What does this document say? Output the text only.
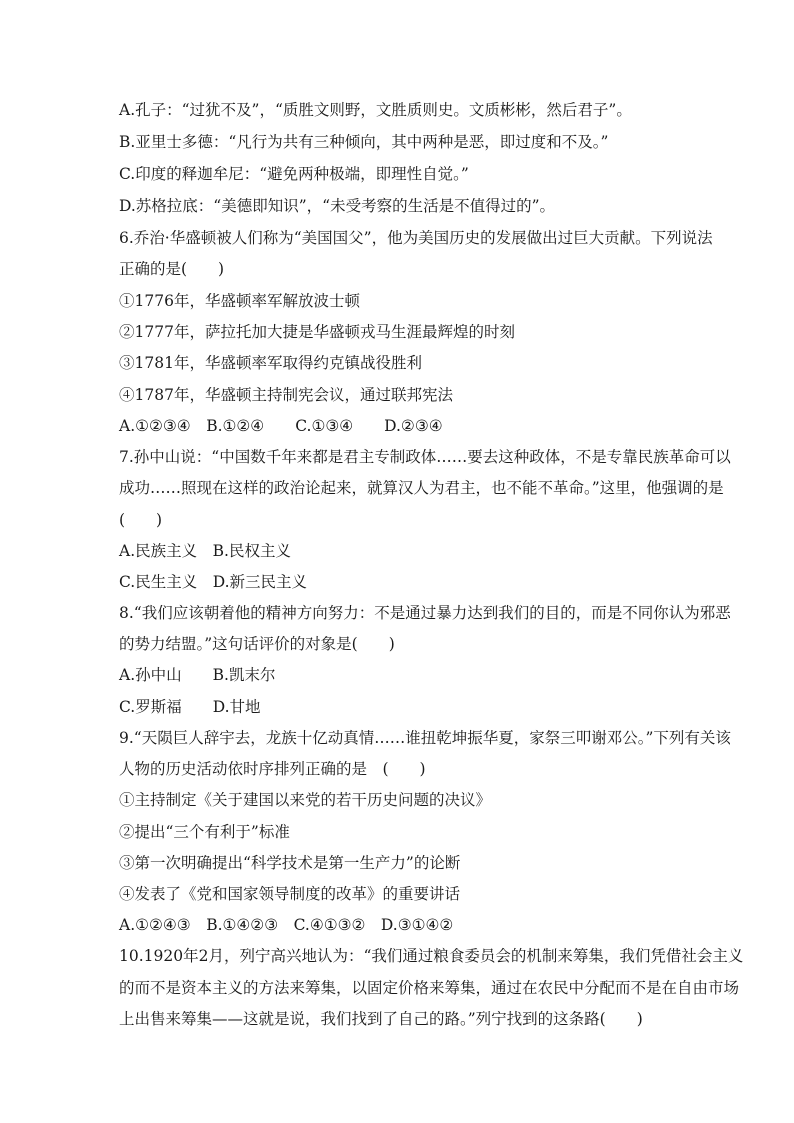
A.孔子：“过犹不及”，“质胜文则野，文胜质则史。文质彬彬，然后君子”。
B.亚里士多德：“凡行为共有三种倾向，其中两种是恶，即过度和不及。”
C.印度的释迦牟尼：“避免两种极端，即理性自觉。”
D.苏格拉底：“美德即知识”，“未受考察的生活是不值得过的”。
6.乔治·华盛顿被人们称为“美国国父”，他为美国历史的发展做出过巨大贡献。下列说法
正确的是(　　)
①1776年，华盛顿率军解放波士顿
②1777年，萨拉托加大捷是华盛顿戎马生涯最辉煌的时刻
③1781年，华盛顿率军取得约克镇战役胜利
④1787年，华盛顿主持制宪会议，通过联邦宪法
A.①②③④　B.①②④　　C.①③④　　D.②③④
7.孙中山说：“中国数千年来都是君主专制政体……要去这种政体，不是专靠民族革命可以
成功……照现在这样的政治论起来，就算汉人为君主，也不能不革命。”这里，他强调的是
(　　)
A.民族主义　B.民权主义
C.民生主义　D.新三民主义
8.“我们应该朝着他的精神方向努力：不是通过暴力达到我们的目的，而是不同你认为邪恶
的势力结盟。”这句话评价的对象是(　　)
A.孙中山　　B.凯末尔
C.罗斯福　　D.甘地
9.“天陨巨人辞宇去，龙族十亿动真情……谁扭乾坤振华夏，家祭三叩谢邓公。”下列有关该
人物的历史活动依时序排列正确的是　(　　)
①主持制定《关于建国以来党的若干历史问题的决议》
②提出“三个有利于”标准
③第一次明确提出“科学技术是第一生产力”的论断
④发表了《党和国家领导制度的改革》的重要讲话
A.①②④③　B.①④②③　C.④①③②　D.③①④②
10.1920年2月，列宁高兴地认为：“我们通过粮食委员会的机制来筹集，我们凭借社会主义
的而不是资本主义的方法来筹集，以固定价格来筹集，通过在农民中分配而不是在自由市场
上出售来筹集——这就是说，我们找到了自己的路。”列宁找到的这条路(　　)
